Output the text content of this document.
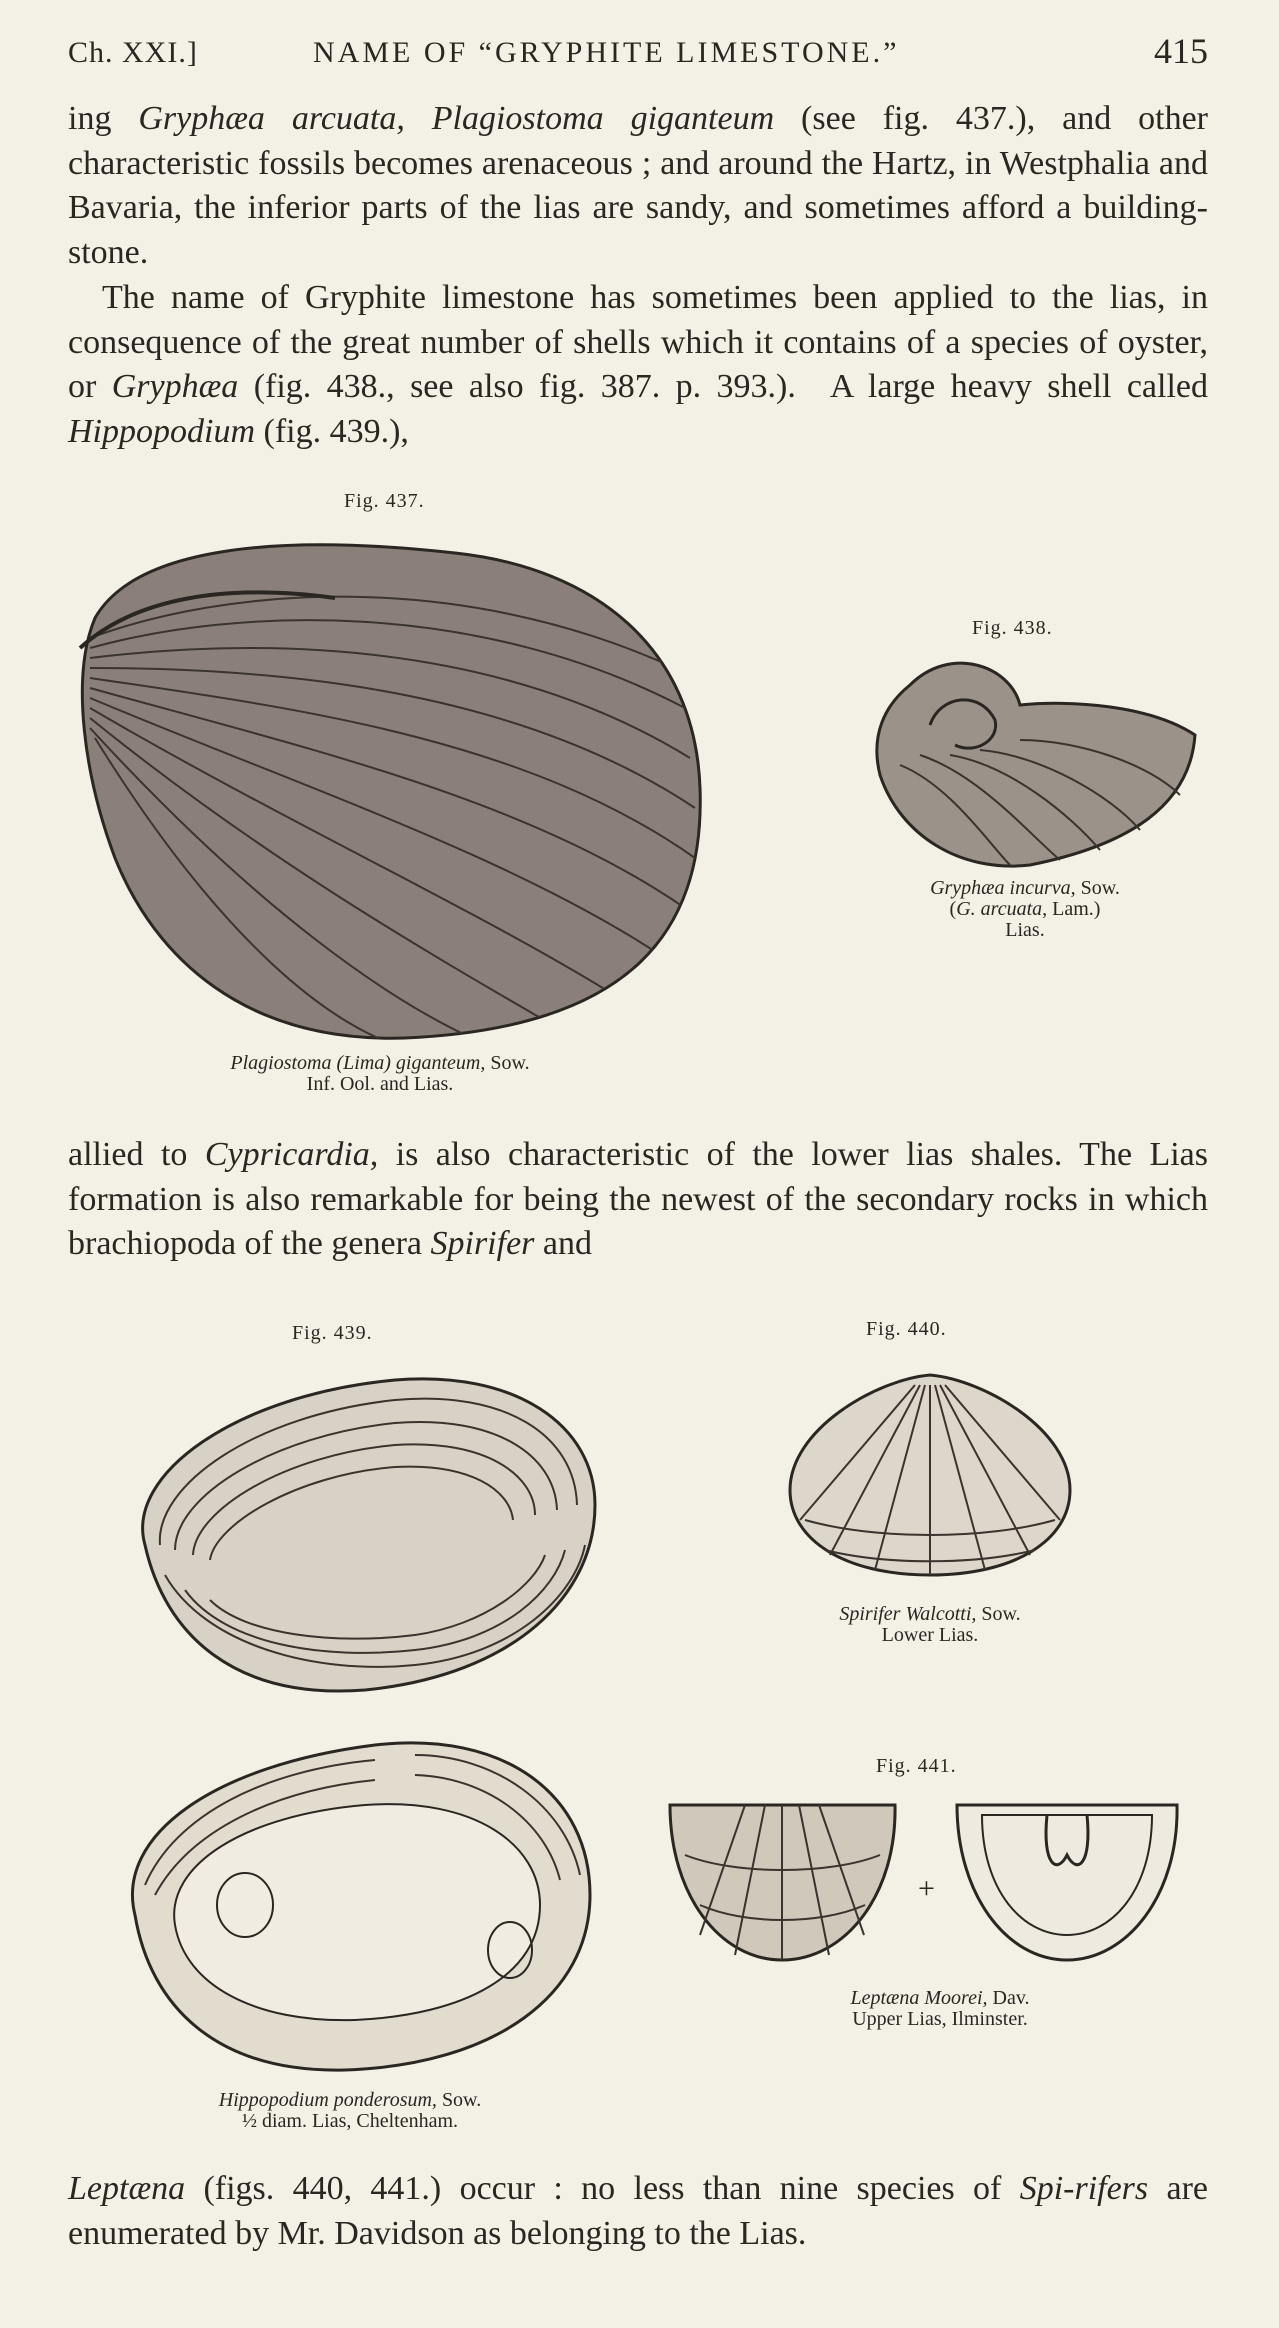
Ch. XXI.]	NAME OF “GRYPHITE LIMESTONE.”	415
ing Gryphæa arcuata, Plagiostoma giganteum (see fig. 437.), and other characteristic fossils becomes arenaceous ; and around the Hartz, in Westphalia and Bavaria, the inferior parts of the lias are sandy, and sometimes afford a building-stone.
 The name of Gryphite limestone has sometimes been applied to the lias, in consequence of the great number of shells which it contains of a species of oyster, or Gryphæa (fig. 438., see also fig. 387. p. 393.). A large heavy shell called Hippopodium (fig. 439.),
Fig. 437.
Plagiostoma (Lima) giganteum, Sow.
Inf. Ool. and Lias.
Fig. 438.
Gryphæa incurva, Sow.
(G. arcuata, Lam.)
Lias.
allied to Cypricardia, is also characteristic of the lower lias shales. The Lias formation is also remarkable for being the newest of the secondary rocks in which brachiopoda of the genera Spirifer and
Fig. 439.
Hippopodium ponderosum, Sow.
½ diam. Lias, Cheltenham.
Fig. 440.
Spirifer Walcotti, Sow.
Lower Lias.
Fig. 441.
+
Leptæna Moorei, Dav.
Upper Lias, Ilminster.
Leptæna (figs. 440, 441.) occur : no less than nine species of Spi-rifers are enumerated by Mr. Davidson as belonging to the Lias.
